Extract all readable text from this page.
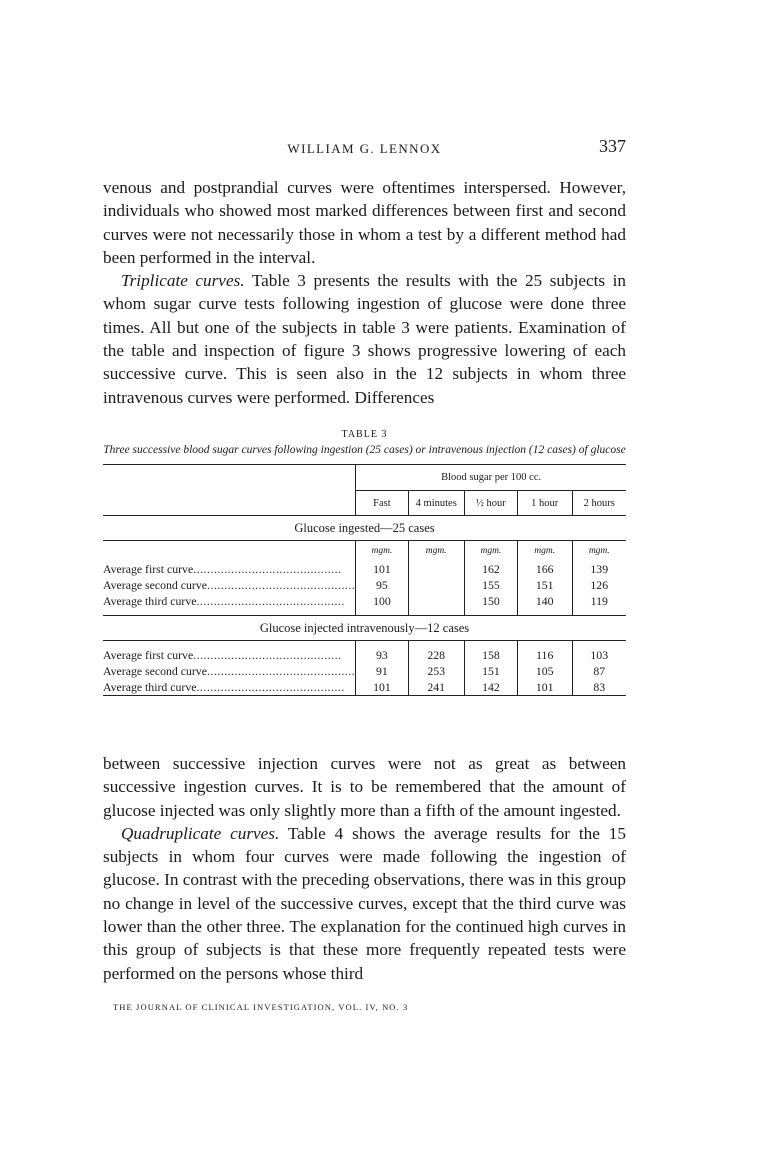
WILLIAM G. LENNOX	337

venous and postprandial curves were oftentimes interspersed. However, individuals who showed most marked differences between first and second curves were not necessarily those in whom a test by a different method had been performed in the interval.
Triplicate curves. Table 3 presents the results with the 25 subjects in whom sugar curve tests following ingestion of glucose were done three times. All but one of the subjects in table 3 were patients. Examination of the table and inspection of figure 3 shows progressive lowering of each successive curve. This is seen also in the 12 subjects in whom three intravenous curves were performed. Differences

TABLE 3
Three successive blood sugar curves following ingestion (25 cases) or intravenous injection (12 cases) of glucose
	Blood sugar per 100 cc.				
	Fast	4 minutes	½ hour	1 hour	2 hours
Glucose ingested—25 cases					
	mgm.	mgm.	mgm.	mgm.	mgm.
Average first curve .....	101		162	166	139
Average second curve .....	95		155	151	126
Average third curve .....	100		150	140	119

Glucose injected intravenously—12 cases					

Average first curve .....	93	228	158	116	103
Average second curve .....	91	253	151	105	87
Average third curve .....	101	241	142	101	83

between successive injection curves were not as great as between successive ingestion curves. It is to be remembered that the amount of glucose injected was only slightly more than a fifth of the amount ingested.
Quadruplicate curves. Table 4 shows the average results for the 15 subjects in whom four curves were made following the ingestion of glucose. In contrast with the preceding observations, there was in this group no change in level of the successive curves, except that the third curve was lower than the other three. The explanation for the continued high curves in this group of subjects is that these more frequently repeated tests were performed on the persons whose third

THE JOURNAL OF CLINICAL INVESTIGATION, VOL. IV, NO. 3
